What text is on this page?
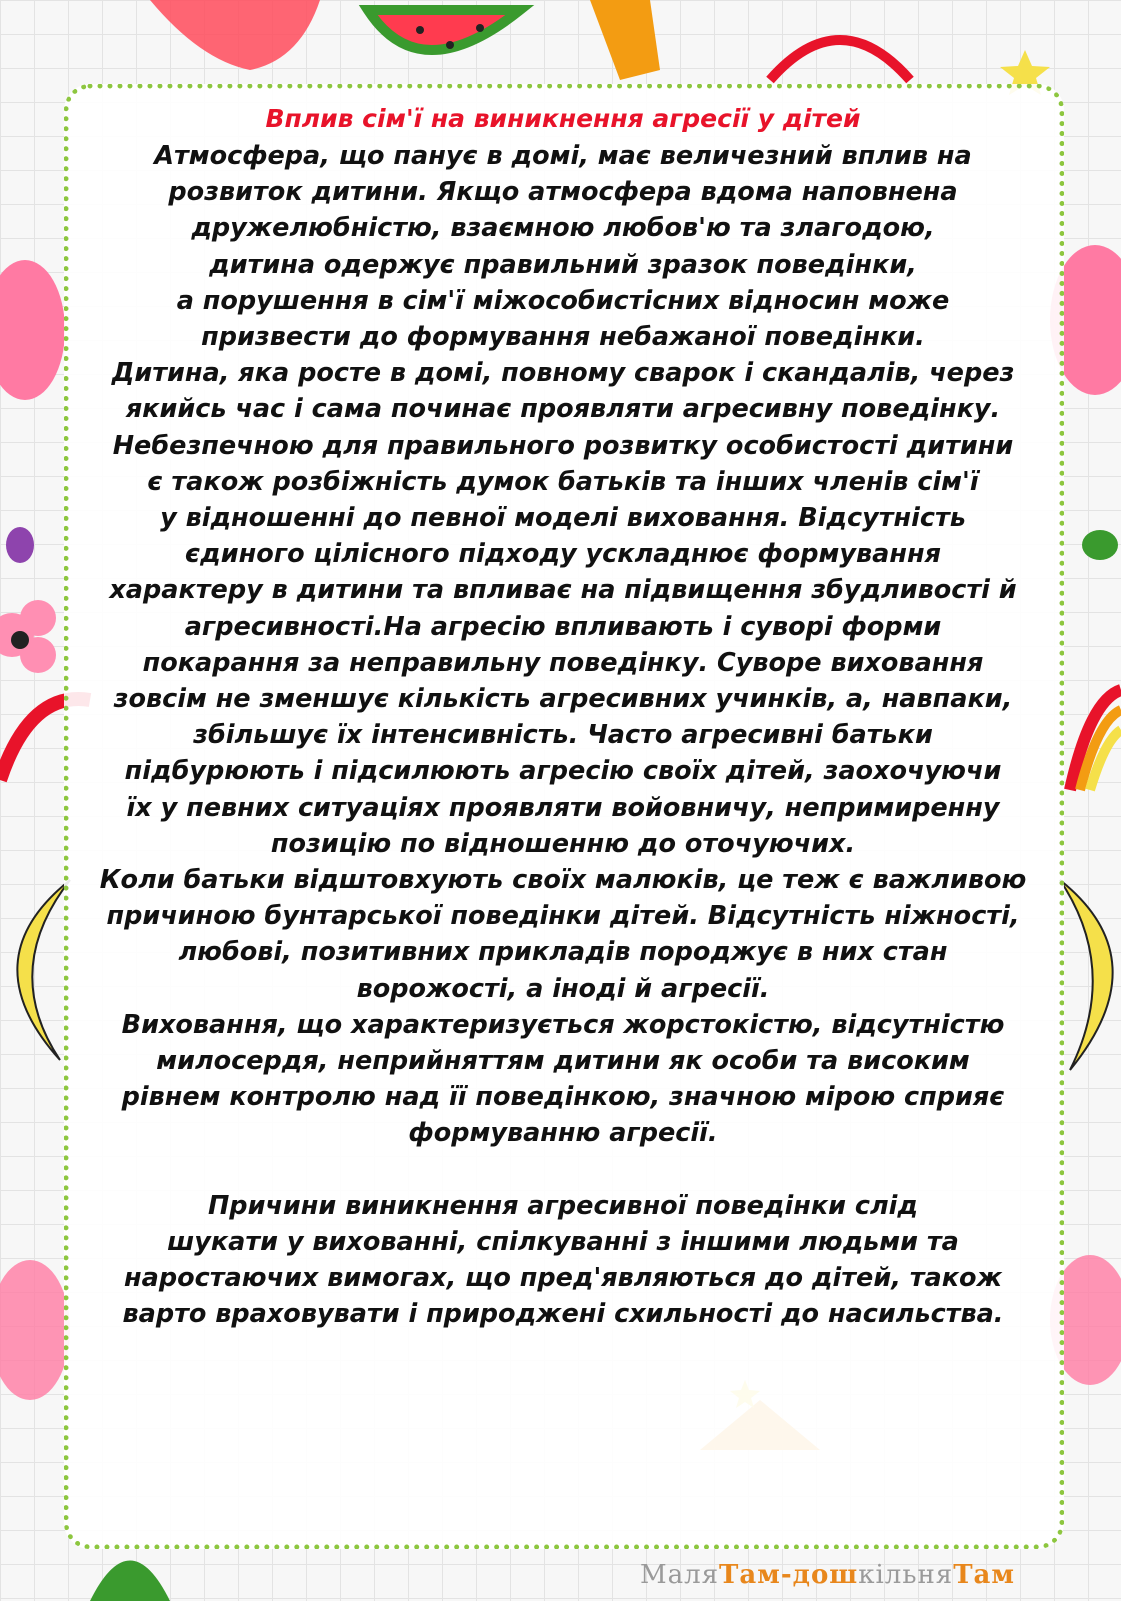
Вплив сім'ї на виникнення агресії у дітей
Атмосфера, що панує в домі, має величезний вплив на
розвиток дитини. Якщо атмосфера вдома наповнена
дружелюбністю, взаємною любов'ю та злагодою,
дитина одержує правильний зразок поведінки,
а порушення в сім'ї міжособистісних відносин може
призвести до формування небажаної поведінки.
Дитина, яка росте в домі, повному сварок і скандалів, через
якийсь час і сама починає проявляти агресивну поведінку.
Небезпечною для правильного розвитку особистості дитини
є також розбіжність думок батьків та інших членів сім'ї
у відношенні до певної моделі виховання. Відсутність
єдиного цілісного підходу ускладнює формування
характеру в дитини та впливає на підвищення збудливості й
агресивності.На агресію впливають і суворі форми
покарання за неправильну поведінку. Суворе виховання
зовсім не зменшує кількість агресивних учинків, а, навпаки,
збільшує їх інтенсивність. Часто агресивні батьки
підбурюють і підсилюють агресію своїх дітей, заохочуючи
їх у певних ситуаціях проявляти войовничу, непримиренну
позицію по відношенню до оточуючих.
Коли батьки відштовхують своїх малюків, це теж є важливою
причиною бунтарської поведінки дітей. Відсутність ніжності,
любові, позитивних прикладів породжує в них стан
ворожості, а іноді й агресії.
Виховання, що характеризується жорстокістю, відсутністю
милосердя, неприйняттям дитини як особи та високим
рівнем контролю над її поведінкою, значною мірою сприяє
формуванню агресії.
Причини виникнення агресивної поведінки слід
шукати у вихованні, спілкуванні з іншими людьми та
наростаючих вимогах, що пред'являються до дітей, також
варто враховувати і природжені схильності до насильства.
МаляТам-дошкільняТам
